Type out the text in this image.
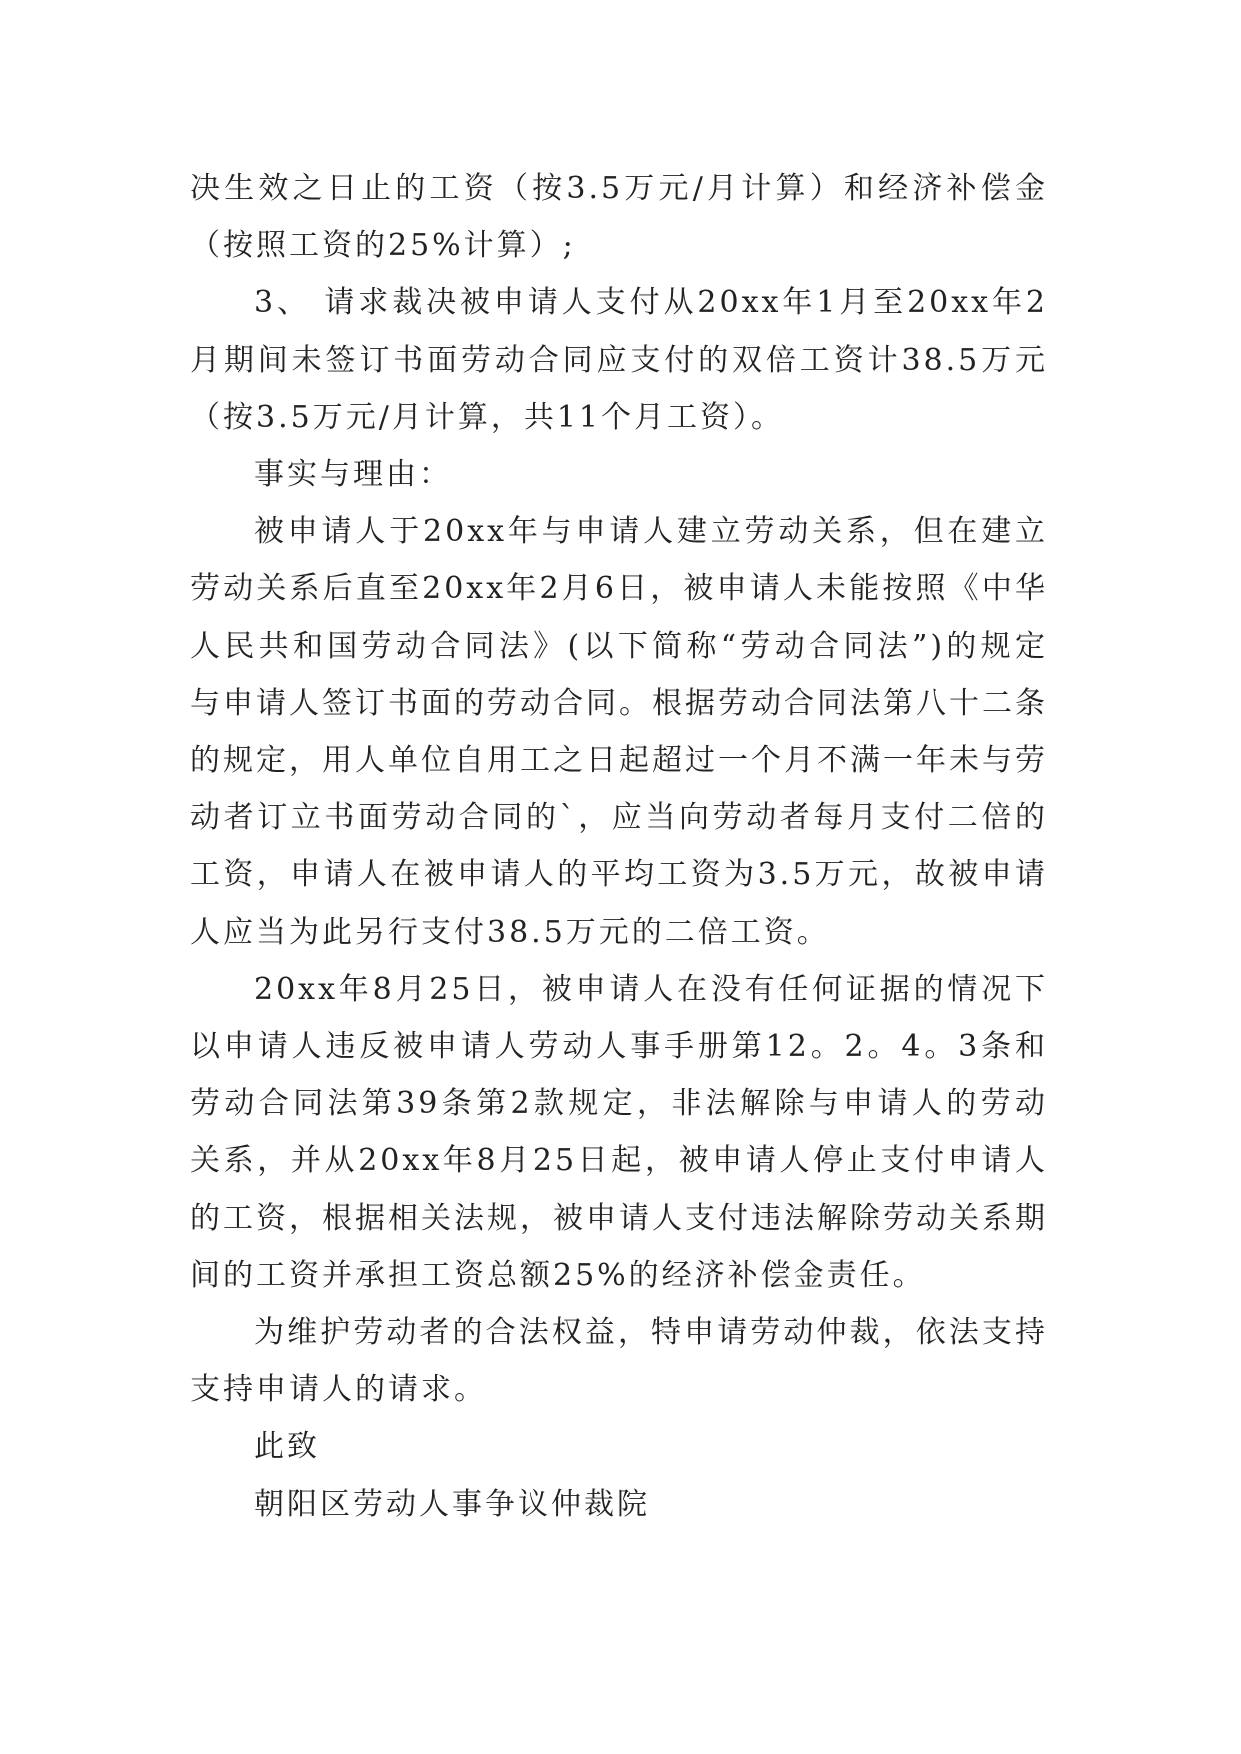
决生效之日止的工资（按3.5万元/月计算）和经济补偿金（按照工资的25%计算）;

3、 请求裁决被申请人支付从20xx年1月至20xx年2月期间未签订书面劳动合同应支付的双倍工资计38.5万元（按3.5万元/月计算，共11个月工资）。

事实与理由：

被申请人于20xx年与申请人建立劳动关系，但在建立劳动关系后直至20xx年2月6日，被申请人未能按照《中华人民共和国劳动合同法》(以下简称“劳动合同法”)的规定与申请人签订书面的劳动合同。根据劳动合同法第八十二条的规定，用人单位自用工之日起超过一个月不满一年未与劳动者订立书面劳动合同的`，应当向劳动者每月支付二倍的工资，申请人在被申请人的平均工资为3.5万元，故被申请人应当为此另行支付38.5万元的二倍工资。

20xx年8月25日，被申请人在没有任何证据的情况下以申请人违反被申请人劳动人事手册第12。2。4。3条和劳动合同法第39条第2款规定，非法解除与申请人的劳动关系，并从20xx年8月25日起，被申请人停止支付申请人的工资，根据相关法规，被申请人支付违法解除劳动关系期间的工资并承担工资总额25%的经济补偿金责任。

为维护劳动者的合法权益，特申请劳动仲裁，依法支持支持申请人的请求。

此致

朝阳区劳动人事争议仲裁院
